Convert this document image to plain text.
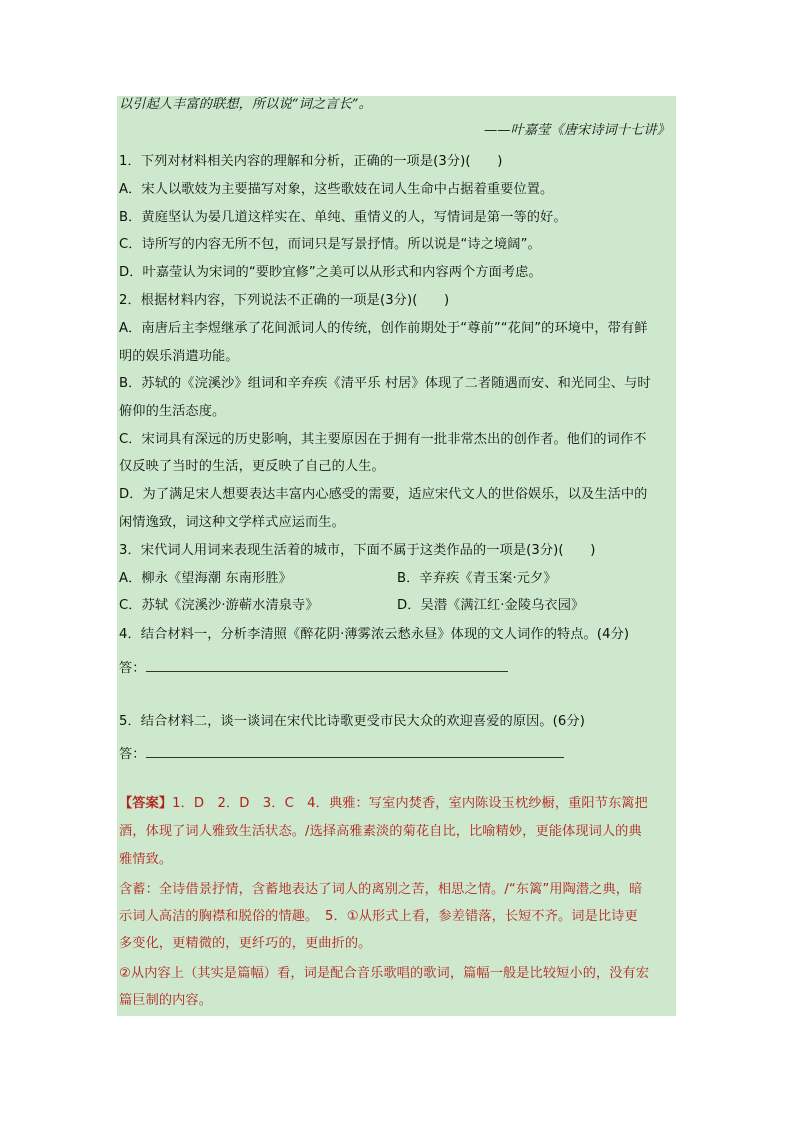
以引起人丰富的联想，所以说“词之言长”。
——叶嘉莹《唐宋诗词十七讲》
1．下列对材料相关内容的理解和分析，正确的一项是(3分)(　　)
A．宋人以歌妓为主要描写对象，这些歌妓在词人生命中占据着重要位置。
B．黄庭坚认为晏几道这样实在、单纯、重情义的人，写情词是第一等的好。
C．诗所写的内容无所不包，而词只是写景抒情。所以说是“诗之境阔”。
D．叶嘉莹认为宋词的“要眇宜修”之美可以从形式和内容两个方面考虑。
2．根据材料内容，下列说法不正确的一项是(3分)(　　)
A．南唐后主李煜继承了花间派词人的传统，创作前期处于“尊前”“花间”的环境中，带有鲜
明的娱乐消遣功能。
B．苏轼的《浣溪沙》组词和辛弃疾《清平乐 村居》体现了二者随遇而安、和光同尘、与时
俯仰的生活态度。
C．宋词具有深远的历史影响，其主要原因在于拥有一批非常杰出的创作者。他们的词作不
仅反映了当时的生活，更反映了自己的人生。
D．为了满足宋人想要表达丰富内心感受的需要，适应宋代文人的世俗娱乐，以及生活中的
闲情逸致，词这种文学样式应运而生。
3．宋代词人用词来表现生活着的城市，下面不属于这类作品的一项是(3分)(　　)
A．柳永《望海潮 东南形胜》	B．辛弃疾《青玉案·元夕》
C．苏轼《浣溪沙·游蕲水清泉寺》	D．吴潜《满江红·金陵乌衣园》
4．结合材料一，分析李清照《醉花阴·薄雾浓云愁永昼》体现的文人词作的特点。(4分)
答：
5．结合材料二，谈一谈词在宋代比诗歌更受市民大众的欢迎喜爱的原因。(6分)
答：
【答案】1．D　2．D　3．C　4．典雅：写室内焚香，室内陈设玉枕纱橱，重阳节东篱把
酒，体现了词人雅致生活状态。/选择高雅素淡的菊花自比，比喻精妙，更能体现词人的典
雅情致。
含蓄：全诗借景抒情，含蓄地表达了词人的离别之苦，相思之情。/“东篱”用陶潜之典，暗
示词人高洁的胸襟和脱俗的情趣。　5．①从形式上看，参差错落，长短不齐。词是比诗更
多变化，更精微的，更纤巧的，更曲折的。
②从内容上（其实是篇幅）看，词是配合音乐歌唱的歌词，篇幅一般是比较短小的，没有宏
篇巨制的内容。
